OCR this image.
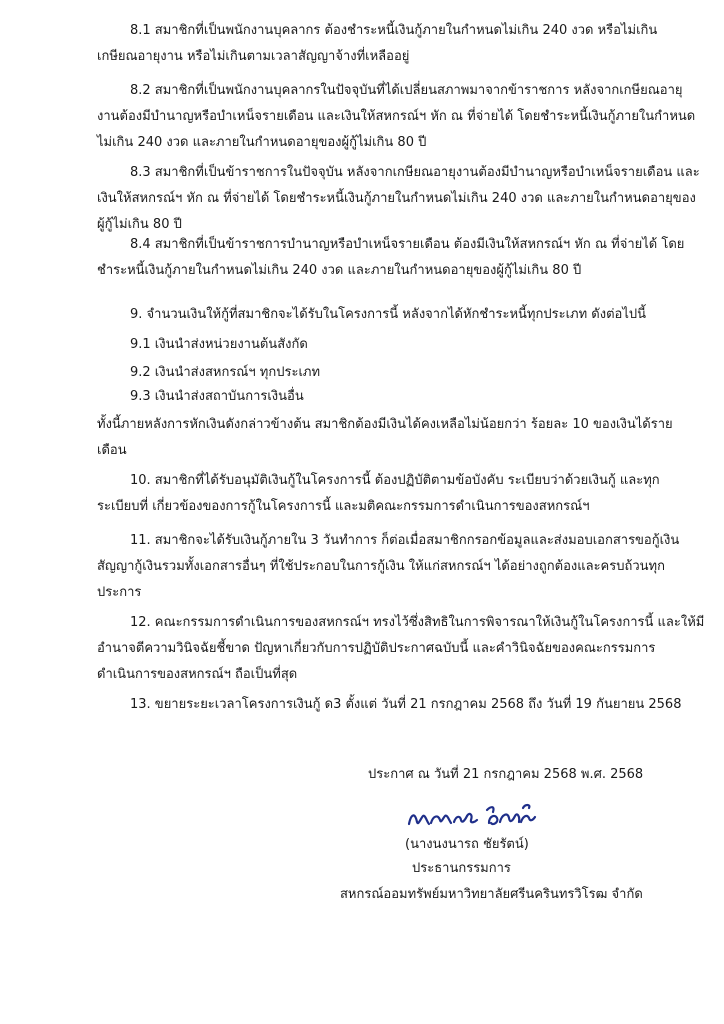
8.1 สมาชิกที่เป็นพนักงานบุคลากร ต้องชำระหนี้เงินกู้ภายในกำหนดไม่เกิน 240 งวด หรือไม่เกิน
เกษียณอายุงาน หรือไม่เกินตามเวลาสัญญาจ้างที่เหลืออยู่
8.2 สมาชิกที่เป็นพนักงานบุคลากรในปัจจุบันที่ได้เปลี่ยนสภาพมาจากข้าราชการ หลังจากเกษียณอายุ
งานต้องมีบำนาญหรือบำเหน็จรายเดือน และเงินให้สหกรณ์ฯ หัก ณ ที่จ่ายได้ โดยชำระหนี้เงินกู้ภายในกำหนด
ไม่เกิน 240 งวด และภายในกำหนดอายุของผู้กู้ไม่เกิน 80 ปี
8.3 สมาชิกที่เป็นข้าราชการในปัจจุบัน หลังจากเกษียณอายุงานต้องมีบำนาญหรือบำเหน็จรายเดือน และ
เงินให้สหกรณ์ฯ หัก ณ ที่จ่ายได้ โดยชำระหนี้เงินกู้ภายในกำหนดไม่เกิน 240 งวด และภายในกำหนดอายุของ
ผู้กู้ไม่เกิน 80 ปี
8.4 สมาชิกที่เป็นข้าราชการบำนาญหรือบำเหน็จรายเดือน ต้องมีเงินให้สหกรณ์ฯ หัก ณ ที่จ่ายได้ โดย
ชำระหนี้เงินกู้ภายในกำหนดไม่เกิน 240 งวด และภายในกำหนดอายุของผู้กู้ไม่เกิน 80 ปี
9. จำนวนเงินให้กู้ที่สมาชิกจะได้รับในโครงการนี้ หลังจากได้หักชำระหนี้ทุกประเภท ดังต่อไปนี้
9.1 เงินนำส่งหน่วยงานต้นสังกัด
9.2 เงินนำส่งสหกรณ์ฯ ทุกประเภท
9.3 เงินนำส่งสถาบันการเงินอื่น
ทั้งนี้ภายหลังการหักเงินดังกล่าวข้างต้น สมาชิกต้องมีเงินได้คงเหลือไม่น้อยกว่า ร้อยละ 10 ของเงินได้ราย
เดือน
10. สมาชิกที่ได้รับอนุมัติเงินกู้ในโครงการนี้ ต้องปฏิบัติตามข้อบังคับ ระเบียบว่าด้วยเงินกู้ และทุก
ระเบียบที่ เกี่ยวข้องของการกู้ในโครงการนี้ และมติคณะกรรมการดำเนินการของสหกรณ์ฯ
11. สมาชิกจะได้รับเงินกู้ภายใน 3 วันทำการ ก็ต่อเมื่อสมาชิกกรอกข้อมูลและส่งมอบเอกสารขอกู้เงิน
สัญญากู้เงินรวมทั้งเอกสารอื่นๆ ที่ใช้ประกอบในการกู้เงิน ให้แก่สหกรณ์ฯ ได้อย่างถูกต้องและครบถ้วนทุก
ประการ
12. คณะกรรมการดำเนินการของสหกรณ์ฯ ทรงไว้ซึ่งสิทธิในการพิจารณาให้เงินกู้ในโครงการนี้ และให้มี
อำนาจตีความวินิจฉัยชี้ขาด ปัญหาเกี่ยวกับการปฏิบัติประกาศฉบับนี้ และคำวินิจฉัยของคณะกรรมการ
ดำเนินการของสหกรณ์ฯ ถือเป็นที่สุด
13. ขยายระยะเวลาโครงการเงินกู้ ด3 ตั้งแต่ วันที่ 21 กรกฎาคม 2568 ถึง วันที่ 19 กันยายน 2568
ประกาศ ณ วันที่ 21 กรกฎาคม 2568 พ.ศ. 2568
(นางนงนารถ ชัยรัตน์)
ประธานกรรมการ
สหกรณ์ออมทรัพย์มหาวิทยาลัยศรีนครินทรวิโรฒ จำกัด
